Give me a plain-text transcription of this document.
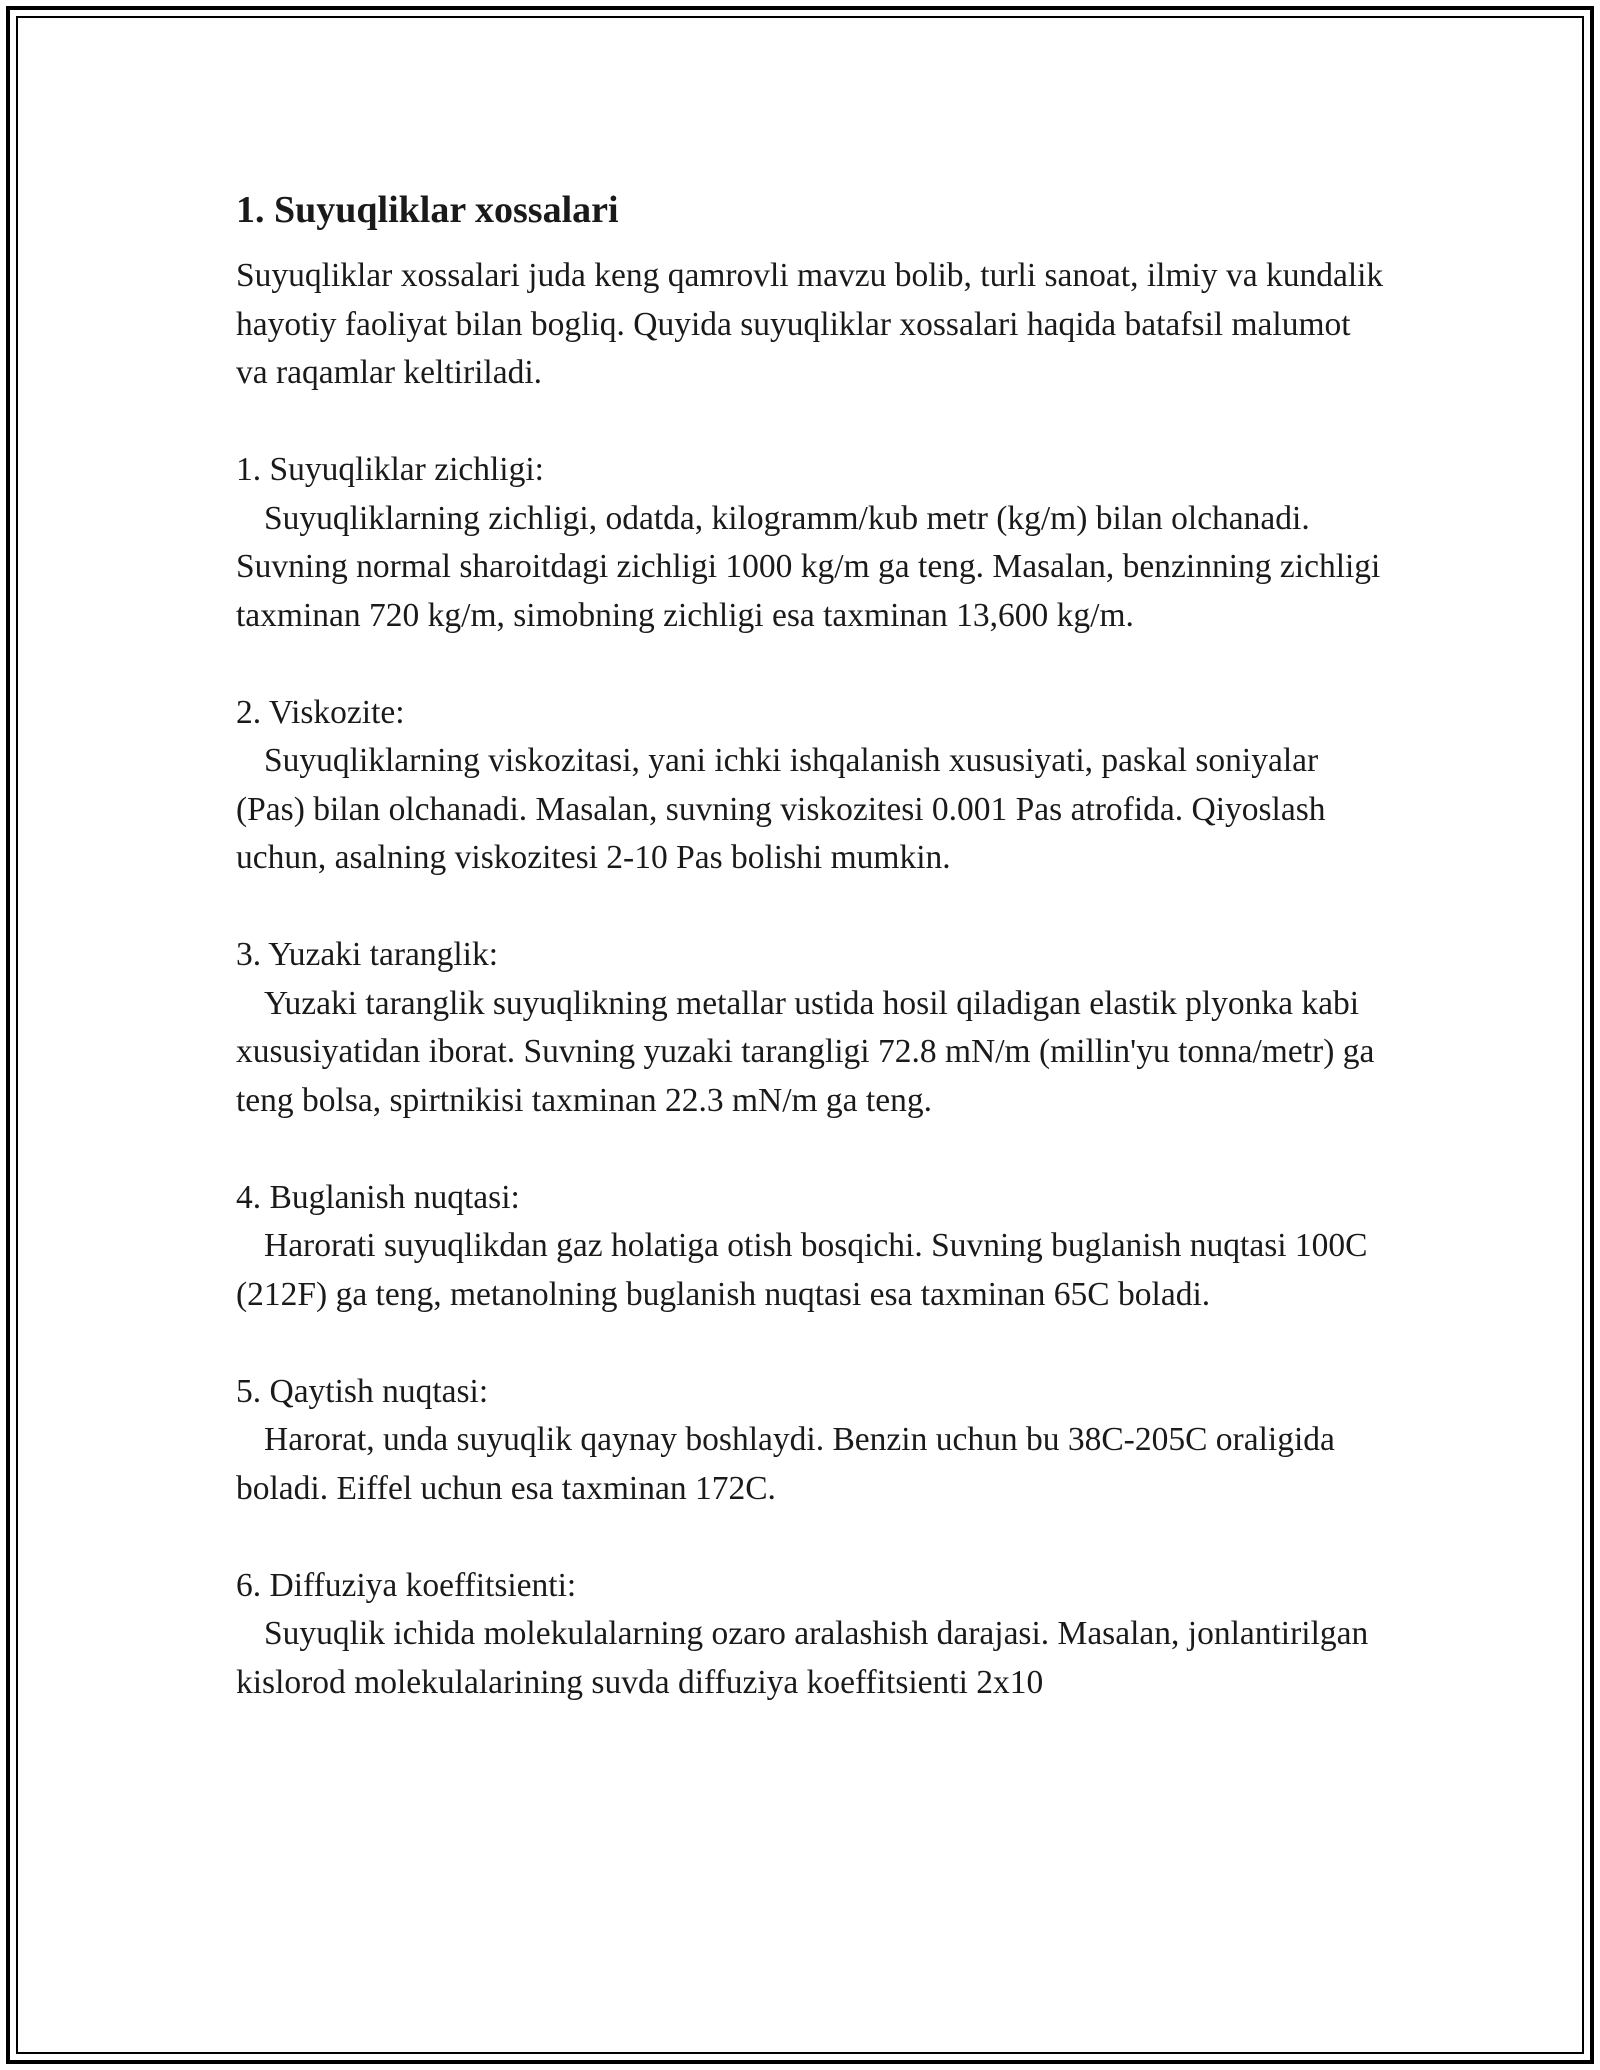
1. Suyuqliklar xossalari

Suyuqliklar xossalari juda keng qamrovli mavzu bolib, turli sanoat, ilmiy va kundalik hayotiy faoliyat bilan bogliq. Quyida suyuqliklar xossalari haqida batafsil malumot va raqamlar keltiriladi.

1. Suyuqliklar zichligi:

Suyuqliklarning zichligi, odatda, kilogramm/kub metr (kg/m) bilan olchanadi. Suvning normal sharoitdagi zichligi 1000 kg/m ga teng. Masalan, benzinning zichligi taxminan 720 kg/m, simobning zichligi esa taxminan 13,600 kg/m.

2. Viskozite:

Suyuqliklarning viskozitasi, yani ichki ishqalanish xususiyati, paskal soniyalar (Pas) bilan olchanadi. Masalan, suvning viskozitesi 0.001 Pas atrofida. Qiyoslash uchun, asalning viskozitesi 2-10 Pas bolishi mumkin.

3. Yuzaki taranglik:

Yuzaki taranglik suyuqlikning metallar ustida hosil qiladigan elastik plyonka kabi xususiyatidan iborat. Suvning yuzaki tarangligi 72.8 mN/m (millin'yu tonna/metr) ga teng bolsa, spirtnikisi taxminan 22.3 mN/m ga teng.

4. Buglanish nuqtasi:

Harorati suyuqlikdan gaz holatiga otish bosqichi. Suvning buglanish nuqtasi 100C (212F) ga teng, metanolning buglanish nuqtasi esa taxminan 65C boladi.

5. Qaytish nuqtasi:

Harorat, unda suyuqlik qaynay boshlaydi. Benzin uchun bu 38C-205C oraligida boladi. Eiffel uchun esa taxminan 172C.

6. Diffuziya koeffitsienti:

Suyuqlik ichida molekulalarning ozaro aralashish darajasi. Masalan, jonlantirilgan kislorod molekulalarining suvda diffuziya koeffitsienti 2x10
